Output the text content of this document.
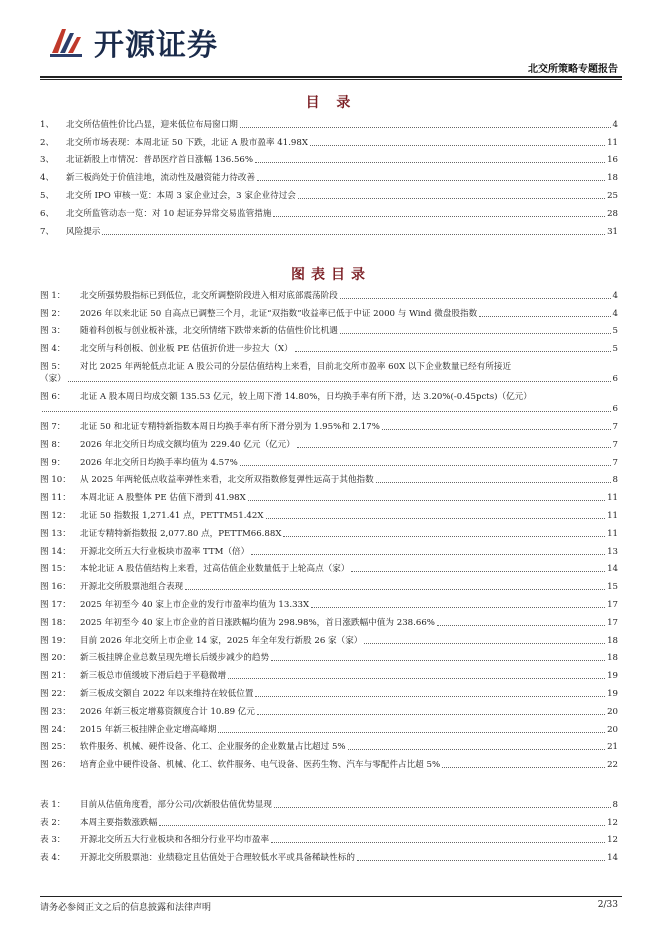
开源证券
北交所策略专题报告
目 录
1、	北交所估值性价比凸显，迎来低位布局窗口期	4
2、	北交所市场表现：本周北证 50 下跌，北证 A 股市盈率 41.98X	11
3、	北证新股上市情况：普昂医疗首日涨幅 136.56%	16
4、	新三板尚处于价值洼地，流动性及融资能力待改善	18
5、	北交所 IPO 审核一览：本周 3 家企业过会，3 家企业待过会	25
6、	北交所监管动态一览：对 10 起证券异常交易监管措施	28
7、	风险提示	31
图表目录
图 1：	北交所强势股指标已到低位，北交所调整阶段进入相对底部震荡阶段	4
图 2：	2026 年以来北证 50 自高点已调整三个月，北证“双指数”收益率已低于中证 2000 与 Wind 微盘股指数	4
图 3：	随着科创板与创业板补涨，北交所情绪下跌带来新的估值性价比机遇	5
图 4：	北交所与科创板、创业板 PE 估值折价进一步拉大（X）	5
图 5：	对比 2025 年两轮低点北证 A 股公司的分层估值结构上来看，目前北交所市盈率 60X 以下企业数量已经有所接近
（家）	6
图 6：	北证 A 股本周日均成交额 135.53 亿元，较上周下滑 14.80%，日均换手率有所下滑，达 3.20%(-0.45pcts)（亿元）
6
图 7：	北证 50 和北证专精特新指数本周日均换手率有所下滑分别为 1.95%和 2.17%	7
图 8：	2026 年北交所日均成交额均值为 229.40 亿元（亿元）	7
图 9：	2026 年北交所日均换手率均值为 4.57%	7
图 10：	从 2025 年两轮低点收益率弹性来看，北交所双指数修复弹性远高于其他指数	8
图 11：	本周北证 A 股整体 PE 估值下滑到 41.98X	11
图 12：	北证 50 指数报 1,271.41 点，PETTM51.42X	11
图 13：	北证专精特新指数报 2,077.80 点，PETTM66.88X	11
图 14：	开源北交所五大行业板块市盈率 TTM（倍）	13
图 15：	本轮北证 A 股估值结构上来看，过高估值企业数量低于上轮高点（家）	14
图 16：	开源北交所股票池组合表现	15
图 17：	2025 年初至今 40 家上市企业的发行市盈率均值为 13.33X	17
图 18：	2025 年初至今 40 家上市企业的首日涨跌幅均值为 298.98%，首日涨跌幅中值为 238.66%	17
图 19：	目前 2026 年北交所上市企业 14 家，2025 年全年发行新股 26 家（家）	18
图 20：	新三板挂牌企业总数呈现先增长后缓步减少的趋势	18
图 21：	新三板总市值缓坡下滑后趋于平稳微增	19
图 22：	新三板成交额自 2022 年以来维持在较低位置	19
图 23：	2026 年新三板定增募资额度合计 10.89 亿元	20
图 24：	2015 年新三板挂牌企业定增高峰期	20
图 25：	软件服务、机械、硬件设备、化工、企业服务的企业数量占比超过 5%	21
图 26：	培育企业中硬件设备、机械、化工、软件服务、电气设备、医药生物、汽车与零配件占比超 5%	22
表 1：	目前从估值角度看，部分公司/次新股估值优势显现	8
表 2：	本周主要指数涨跌幅	12
表 3：	开源北交所五大行业板块和各细分行业平均市盈率	12
表 4：	开源北交所股票池：业绩稳定且估值处于合理较低水平或具备稀缺性标的	14
请务必参阅正文之后的信息披露和法律声明	2/33
